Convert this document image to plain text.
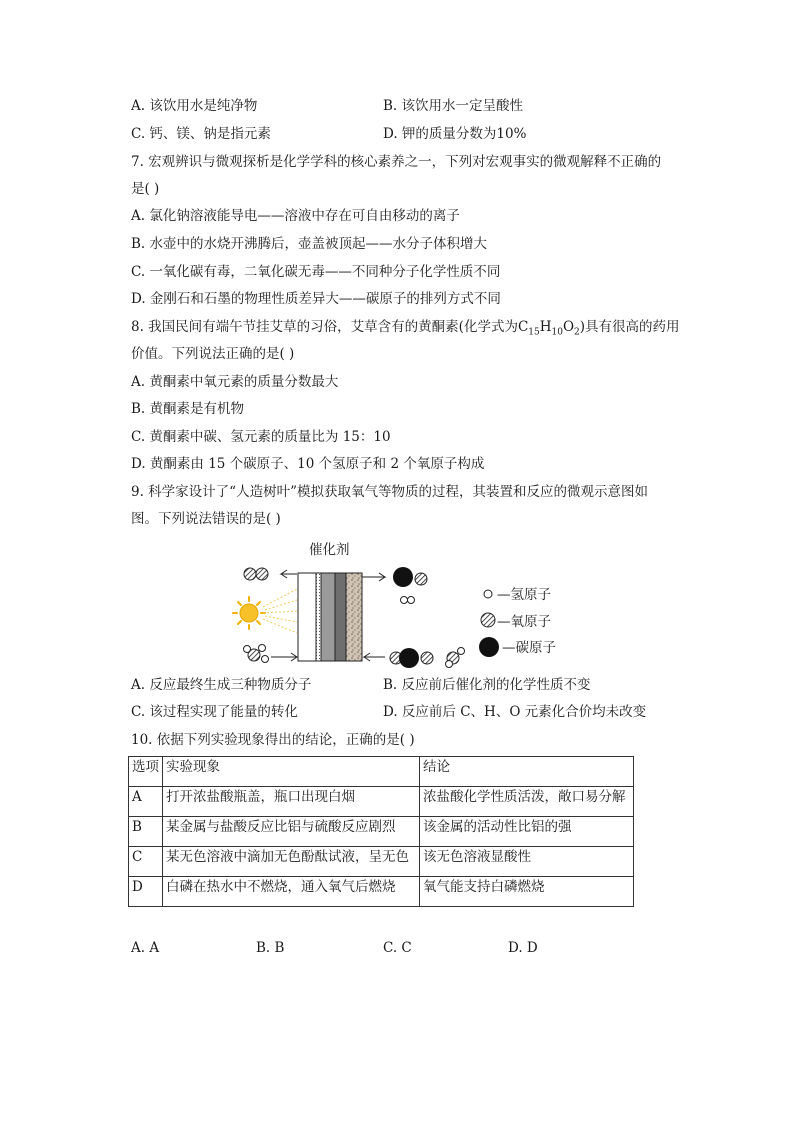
A. 该饮用水是纯净物	B. 该饮用水一定呈酸性
C. 钙、镁、钠是指元素	D. 钾的质量分数为10%
7. 宏观辨识与微观探析是化学学科的核心素养之一，下列对宏观事实的微观解释不正确的
是( )
A. 氯化钠溶液能导电——溶液中存在可自由移动的离子
B. 水壶中的水烧开沸腾后，壶盖被顶起——水分子体积增大
C. 一氧化碳有毒，二氧化碳无毒——不同种分子化学性质不同
D. 金刚石和石墨的物理性质差异大——碳原子的排列方式不同
8. 我国民间有端午节挂艾草的习俗，艾草含有的黄酮素(化学式为$C_{15}H_{10}O_2$)具有很高的药用
价值。下列说法正确的是( )
A. 黄酮素中氧元素的质量分数最大
B. 黄酮素是有机物
C. 黄酮素中碳、氢元素的质量比为 15：10
D. 黄酮素由 15 个碳原子、10 个氢原子和 2 个氧原子构成
9. 科学家设计了“人造树叶”模拟获取氧气等物质的过程，其装置和反应的微观示意图如
图。下列说法错误的是( )
催化剂
—氢原子
—氧原子
—碳原子
A. 反应最终生成三种物质分子	B. 反应前后催化剂的化学性质不变
C. 该过程实现了能量的转化	D. 反应前后 C、H、O 元素化合价均未改变
10. 依据下列实验现象得出的结论，正确的是( )
选项	实验现象	结论
A	打开浓盐酸瓶盖，瓶口出现白烟	浓盐酸化学性质活泼，敞口易分解
B	某金属与盐酸反应比铝与硫酸反应剧烈	该金属的活动性比铝的强
C	某无色溶液中滴加无色酚酞试液，呈无色	该无色溶液显酸性
D	白磷在热水中不燃烧，通入氧气后燃烧	氧气能支持白磷燃烧
A. A	B. B	C. C	D. D
